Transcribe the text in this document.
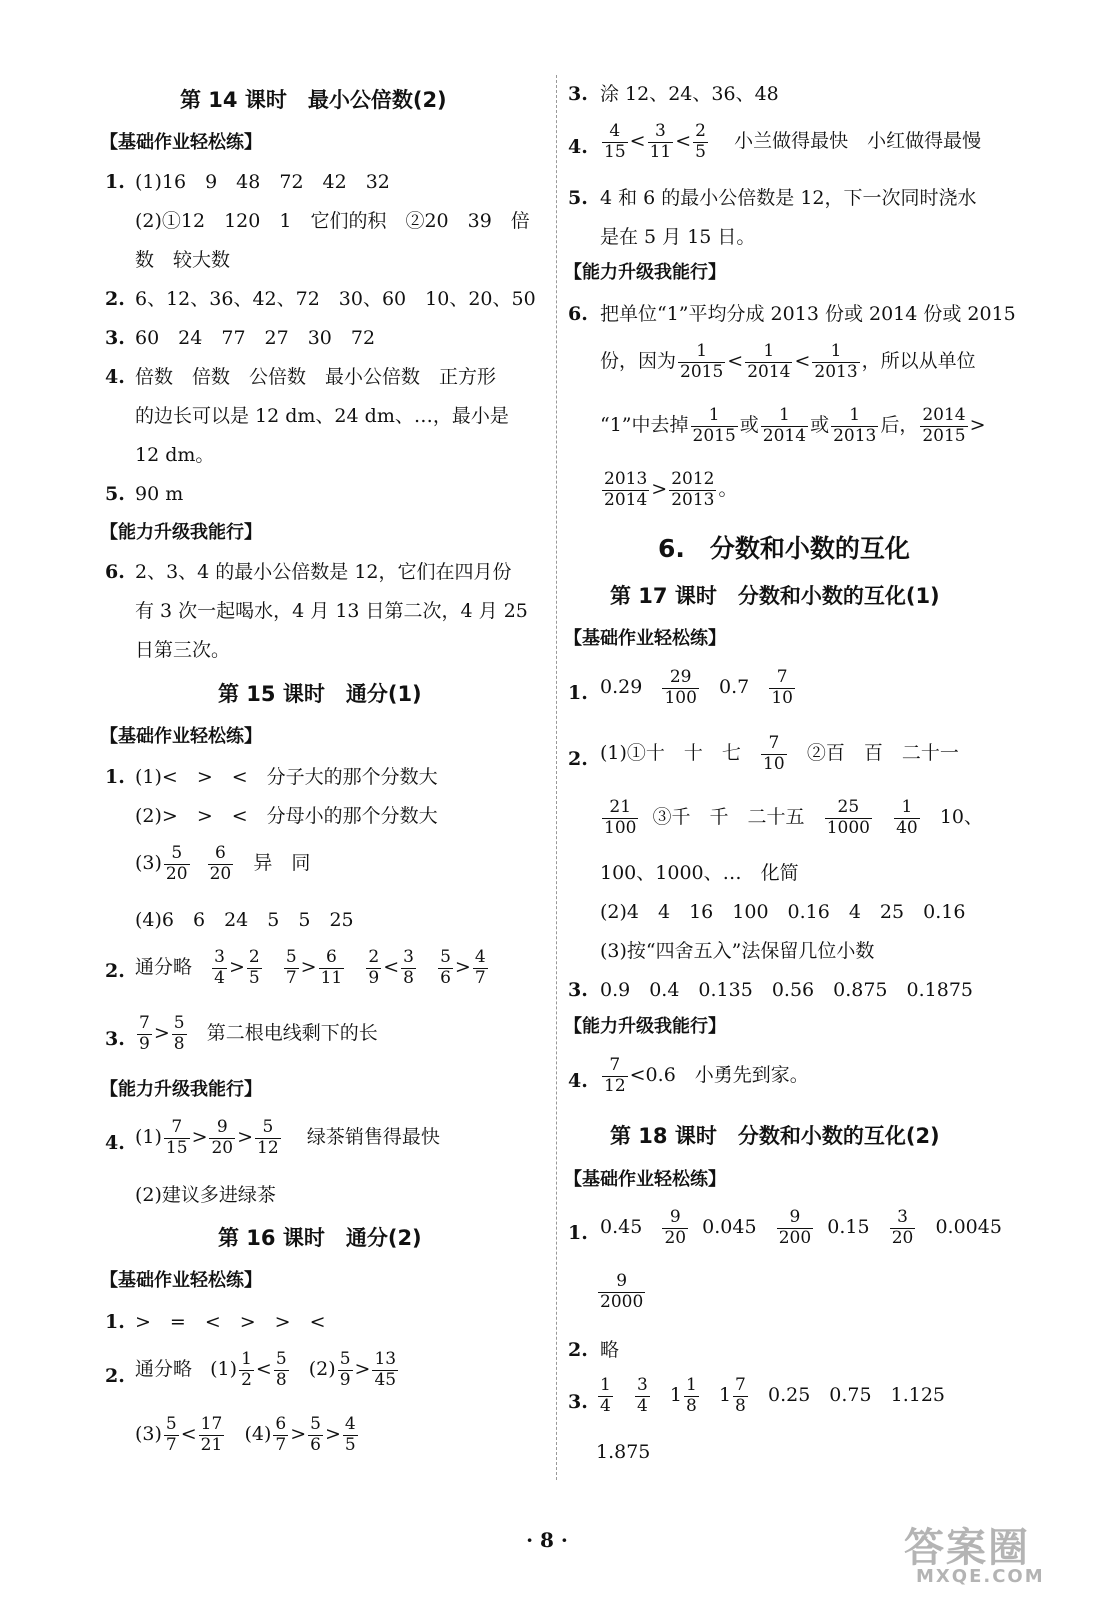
第 14 课时　最小公倍数(2)
【基础作业轻松练】
1. (1)16　9　48　72　42　32
(2)①12　120　1　它们的积　②20　39　倍
数　较大数
2. 6、12、36、42、72　30、60　10、20、50
3. 60　24　77　27　30　72
4. 倍数　倍数　公倍数　最小公倍数　正方形
的边长可以是 12 dm、24 dm、…，最小是
12 dm。
5. 90 m
【能力升级我能行】
6. 2、3、4 的最小公倍数是 12，它们在四月份
有 3 次一起喝水，4 月 13 日第二次，4 月 25
日第三次。
第 15 课时　通分(1)
【基础作业轻松练】
1. (1)<　>　<　分子大的那个分数大
(2)>　>　<　分母小的那个分数大
$(3) \frac{5}{20}$
$\frac{6}{20}$ 异　同
(4)6　6　24　5　5　25
2. 通分略 $\frac{3}{4} > \frac{2}{5}$
$\frac{5}{7} > \frac{6}{11}$
$\frac{2}{9} < \frac{3}{8}$
$\frac{5}{6} > \frac{4}{7}$
3. $\frac{7}{9} > \frac{5}{8}$ 第二根电线剩下的长
【能力升级我能行】
4. $(1) \frac{7}{15} > \frac{9}{20} > \frac{5}{12}$ 绿茶销售得最快
(2)建议多进绿茶
第 16 课时　通分(2)
【基础作业轻松练】
1. >　=　<　>　>　<
2. 通分略 $(1) \frac{1}{2} < \frac{5}{8} (2) \frac{5}{9} > \frac{13}{45}$
$(3) \frac{5}{7} < \frac{17}{21} (4) \frac{6}{7} > \frac{5}{6} > \frac{4}{5}$
3. 涂 12、24、36、48
4. $\frac{4}{15} < \frac{3}{11} < \frac{2}{5}$ 小兰做得最快　小红做得最慢
5. 4 和 6 的最小公倍数是 12，下一次同时浇水
是在 5 月 15 日。
【能力升级我能行】
6. 把单位“1”平均分成 2013 份或 2014 份或 2015
份，因为 $\frac{1}{2015} < \frac{1}{2014} < \frac{1}{2013}$ ，所以从单位
“1”中去掉 $\frac{1}{2015}$ 或 $\frac{1}{2014}$ 或 $\frac{1}{2013}$ 后， $\frac{2014}{2015}$ >
$\frac{2013}{2014} > \frac{2012}{2013}$ 。
6.　分数和小数的互化
第 17 课时　分数和小数的互化(1)
【基础作业轻松练】
1. $0.29 \frac{29}{100} 0.7 \frac{7}{10}$
2. (1)①十　十　七 $\frac{7}{10}$ ②百　百　二十一
$\frac{21}{100}$ ③千　千　二十五 $\frac{25}{1000}$
$\frac{1}{40} 10$、
100、1000、…　化简
(2)4　4　16　100　0.16　4　25　0.16
(3)按“四舍五入”法保留几位小数
3. 0.9　0.4　0.135　0.56　0.875　0.1875
【能力升级我能行】
4. $\frac{7}{12} <0.6$　小勇先到家。
第 18 课时　分数和小数的互化(2)
【基础作业轻松练】
1. $0.45 \frac{9}{20} 0.045 \frac{9}{200} 0.15 \frac{3}{20} 0.0045$
$\frac{9}{2000}$
2. 略
3. $\frac{1}{4}$
$\frac{3}{4} 1 \frac{1}{8} 1 \frac{7}{8} 0.25$　0.75　1.125
1.875
· 8 ·	答案圈
MXQE.COM
